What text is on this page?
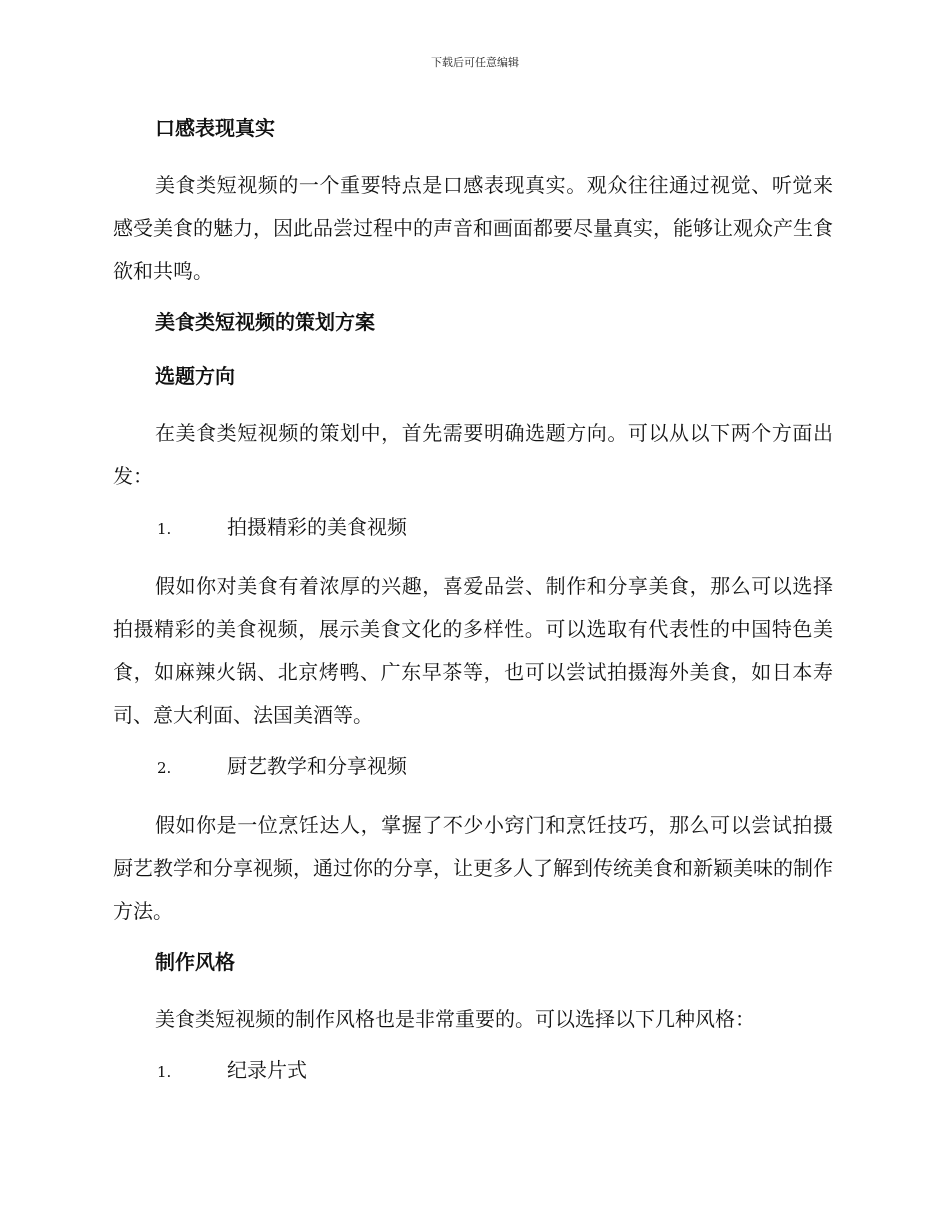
下载后可任意编辑
口感表现真实
美食类短视频的一个重要特点是口感表现真实。观众往往通过视觉、听觉来感受美食的魅力，因此品尝过程中的声音和画面都要尽量真实，能够让观众产生食欲和共鸣。
美食类短视频的策划方案
选题方向
在美食类短视频的策划中，首先需要明确选题方向。可以从以下两个方面出发：
1.	拍摄精彩的美食视频
假如你对美食有着浓厚的兴趣，喜爱品尝、制作和分享美食，那么可以选择拍摄精彩的美食视频，展示美食文化的多样性。可以选取有代表性的中国特色美食，如麻辣火锅、北京烤鸭、广东早茶等，也可以尝试拍摄海外美食，如日本寿司、意大利面、法国美酒等。
2.	厨艺教学和分享视频
假如你是一位烹饪达人，掌握了不少小窍门和烹饪技巧，那么可以尝试拍摄厨艺教学和分享视频，通过你的分享，让更多人了解到传统美食和新颖美味的制作方法。
制作风格
美食类短视频的制作风格也是非常重要的。可以选择以下几种风格：
1.	纪录片式
